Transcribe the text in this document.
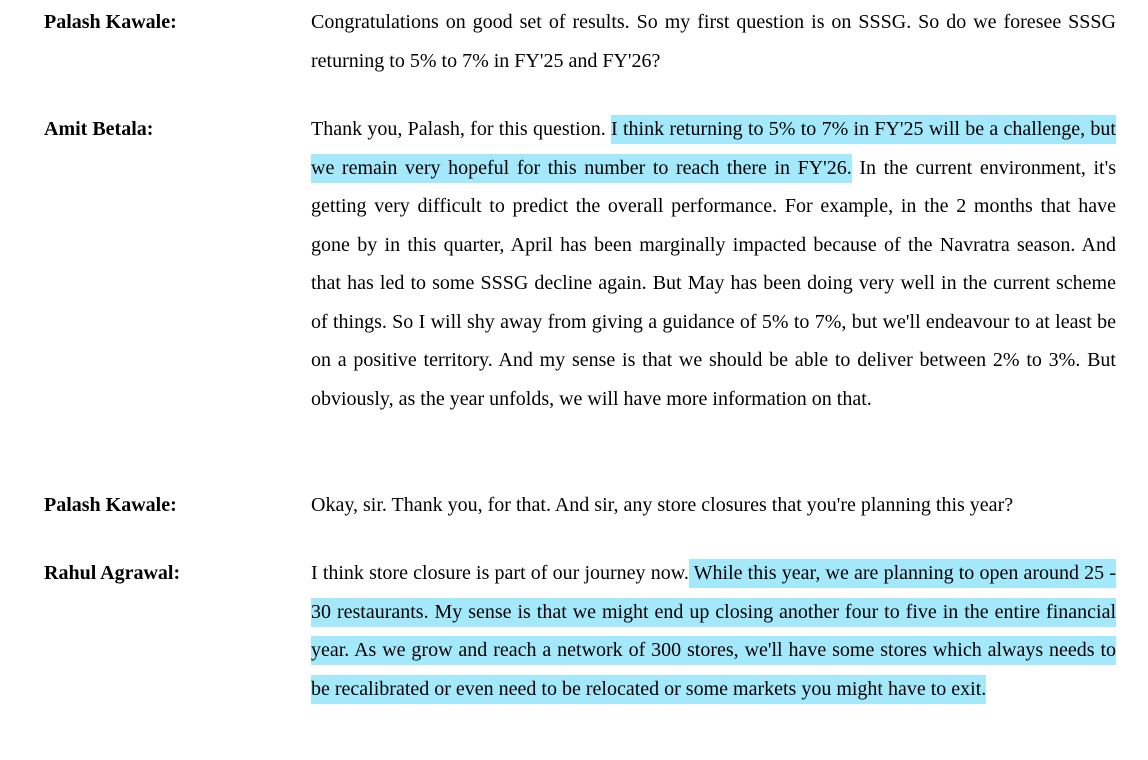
Palash Kawale:	Congratulations on good set of results. So my first question is on SSSG. So do we foresee SSSG returning to 5% to 7% in FY'25 and FY'26?

Amit Betala:	Thank you, Palash, for this question. I think returning to 5% to 7% in FY'25 will be a challenge, but we remain very hopeful for this number to reach there in FY'26. In the current environment, it's getting very difficult to predict the overall performance. For example, in the 2 months that have gone by in this quarter, April has been marginally impacted because of the Navratra season. And that has led to some SSSG decline again. But May has been doing very well in the current scheme of things. So I will shy away from giving a guidance of 5% to 7%, but we'll endeavour to at least be on a positive territory. And my sense is that we should be able to deliver between 2% to 3%. But obviously, as the year unfolds, we will have more information on that.

Palash Kawale:	Okay, sir. Thank you, for that. And sir, any store closures that you're planning this year?

Rahul Agrawal:	I think store closure is part of our journey now. While this year, we are planning to open around 25 - 30 restaurants. My sense is that we might end up closing another four to five in the entire financial year. As we grow and reach a network of 300 stores, we'll have some stores which always needs to be recalibrated or even need to be relocated or some markets you might have to exit.
